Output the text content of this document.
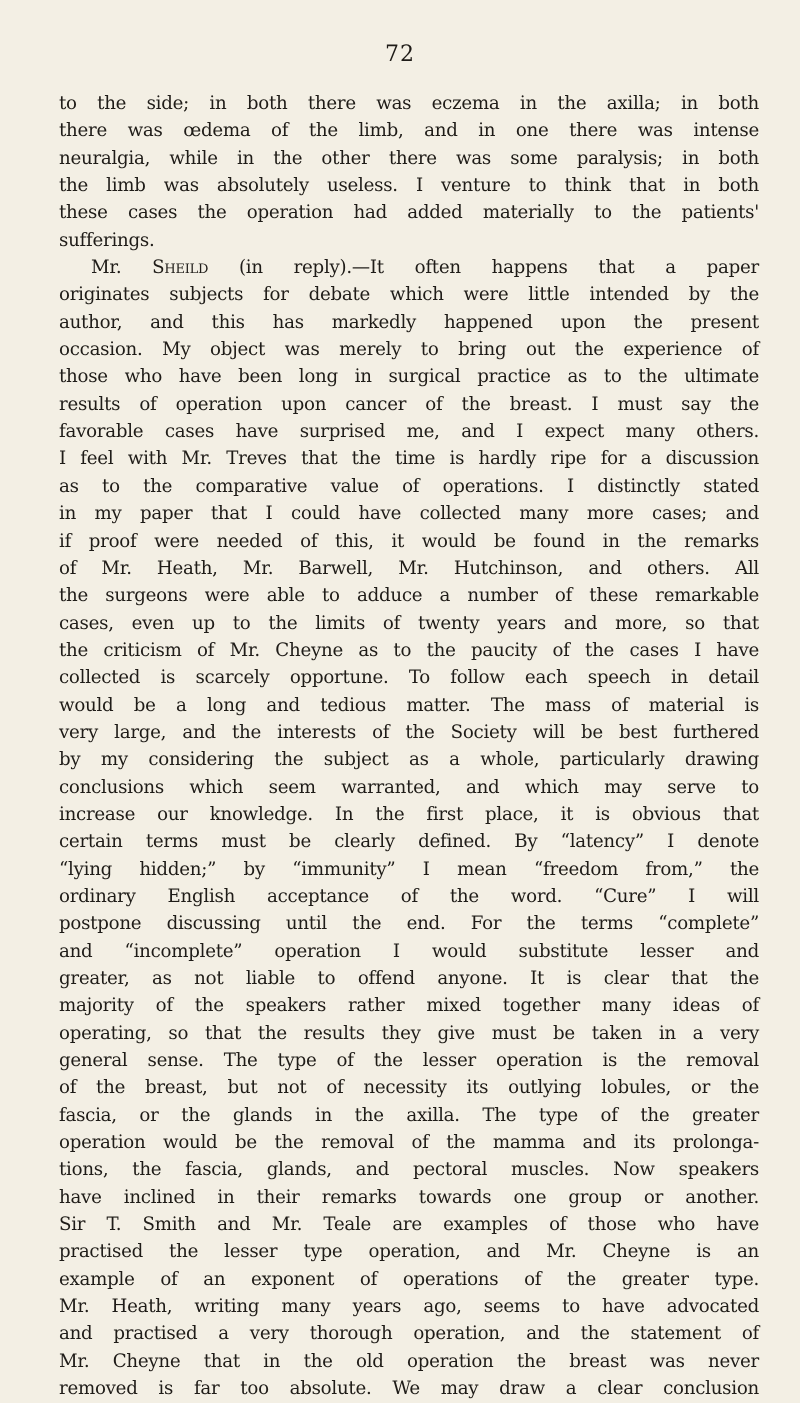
72
to the side; in both there was eczema in the axilla; in both
there was œdema of the limb, and in one there was intense
neuralgia, while in the other there was some paralysis; in both
the limb was absolutely useless. I venture to think that in both
these cases the operation had added materially to the patients'
sufferings.
Mr. Sheild (in reply).—It often happens that a paper
originates subjects for debate which were little intended by the
author, and this has markedly happened upon the present
occasion. My object was merely to bring out the experience of
those who have been long in surgical practice as to the ultimate
results of operation upon cancer of the breast. I must say the
favorable cases have surprised me, and I expect many others.
I feel with Mr. Treves that the time is hardly ripe for a discussion
as to the comparative value of operations. I distinctly stated
in my paper that I could have collected many more cases; and
if proof were needed of this, it would be found in the remarks
of Mr. Heath, Mr. Barwell, Mr. Hutchinson, and others. All
the surgeons were able to adduce a number of these remarkable
cases, even up to the limits of twenty years and more, so that
the criticism of Mr. Cheyne as to the paucity of the cases I have
collected is scarcely opportune. To follow each speech in detail
would be a long and tedious matter. The mass of material is
very large, and the interests of the Society will be best furthered
by my considering the subject as a whole, particularly drawing
conclusions which seem warranted, and which may serve to
increase our knowledge. In the first place, it is obvious that
certain terms must be clearly defined. By “latency” I denote
“lying hidden;” by “immunity” I mean “freedom from,” the
ordinary English acceptance of the word. “Cure” I will
postpone discussing until the end. For the terms “complete”
and “incomplete” operation I would substitute lesser and
greater, as not liable to offend anyone. It is clear that the
majority of the speakers rather mixed together many ideas of
operating, so that the results they give must be taken in a very
general sense. The type of the lesser operation is the removal
of the breast, but not of necessity its outlying lobules, or the
fascia, or the glands in the axilla. The type of the greater
operation would be the removal of the mamma and its prolonga-
tions, the fascia, glands, and pectoral muscles. Now speakers
have inclined in their remarks towards one group or another.
Sir T. Smith and Mr. Teale are examples of those who have
practised the lesser type operation, and Mr. Cheyne is an
example of an exponent of operations of the greater type.
Mr. Heath, writing many years ago, seems to have advocated
and practised a very thorough operation, and the statement of
Mr. Cheyne that in the old operation the breast was never
removed is far too absolute. We may draw a clear conclusion
